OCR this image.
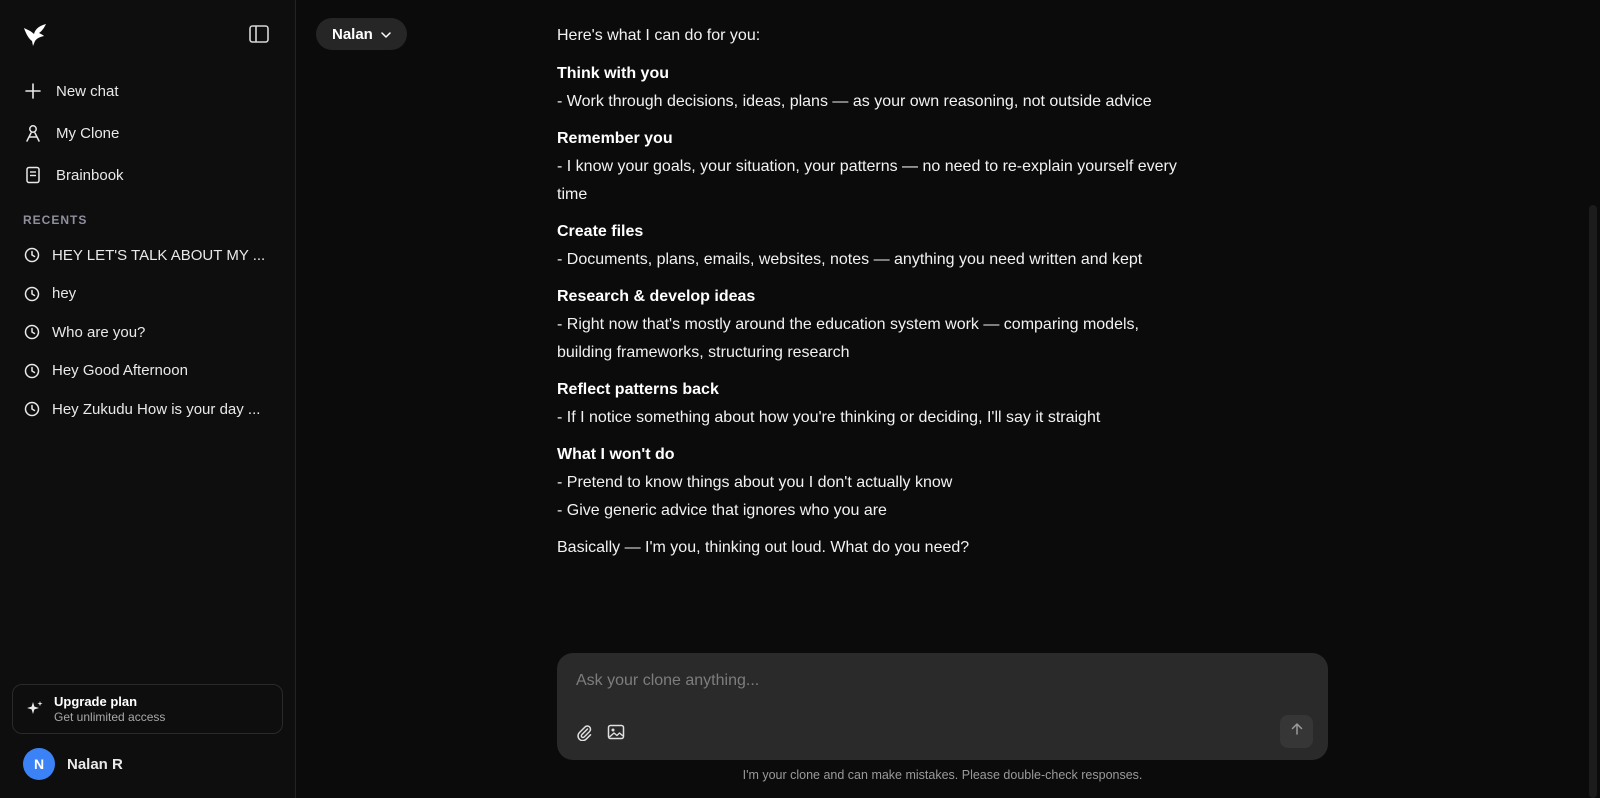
New chat
My Clone
Brainbook
RECENTS
HEY LET'S TALK ABOUT MY ...
hey
Who are you?
Hey Good Afternoon
Hey Zukudu How is your day ...
Upgrade plan
Get unlimited access
N	Nalan R
Nalan	Here's what I can do for you:

Think with you

- Work through decisions, ideas, plans — as your own reasoning, not outside advice

Remember you

- I know your goals, your situation, your patterns — no need to re-explain yourself every time

Create files

- Documents, plans, emails, websites, notes — anything you need written and kept

Research & develop ideas

- Right now that's mostly around the education system work — comparing models, building frameworks, structuring research

Reflect patterns back

- If I notice something about how you're thinking or deciding, I'll say it straight

What I won't do

- Pretend to know things about you I don't actually know

- Give generic advice that ignores who you are

Basically — I'm you, thinking out loud. What do you need?

Ask your clone anything...
I'm your clone and can make mistakes. Please double-check responses.
